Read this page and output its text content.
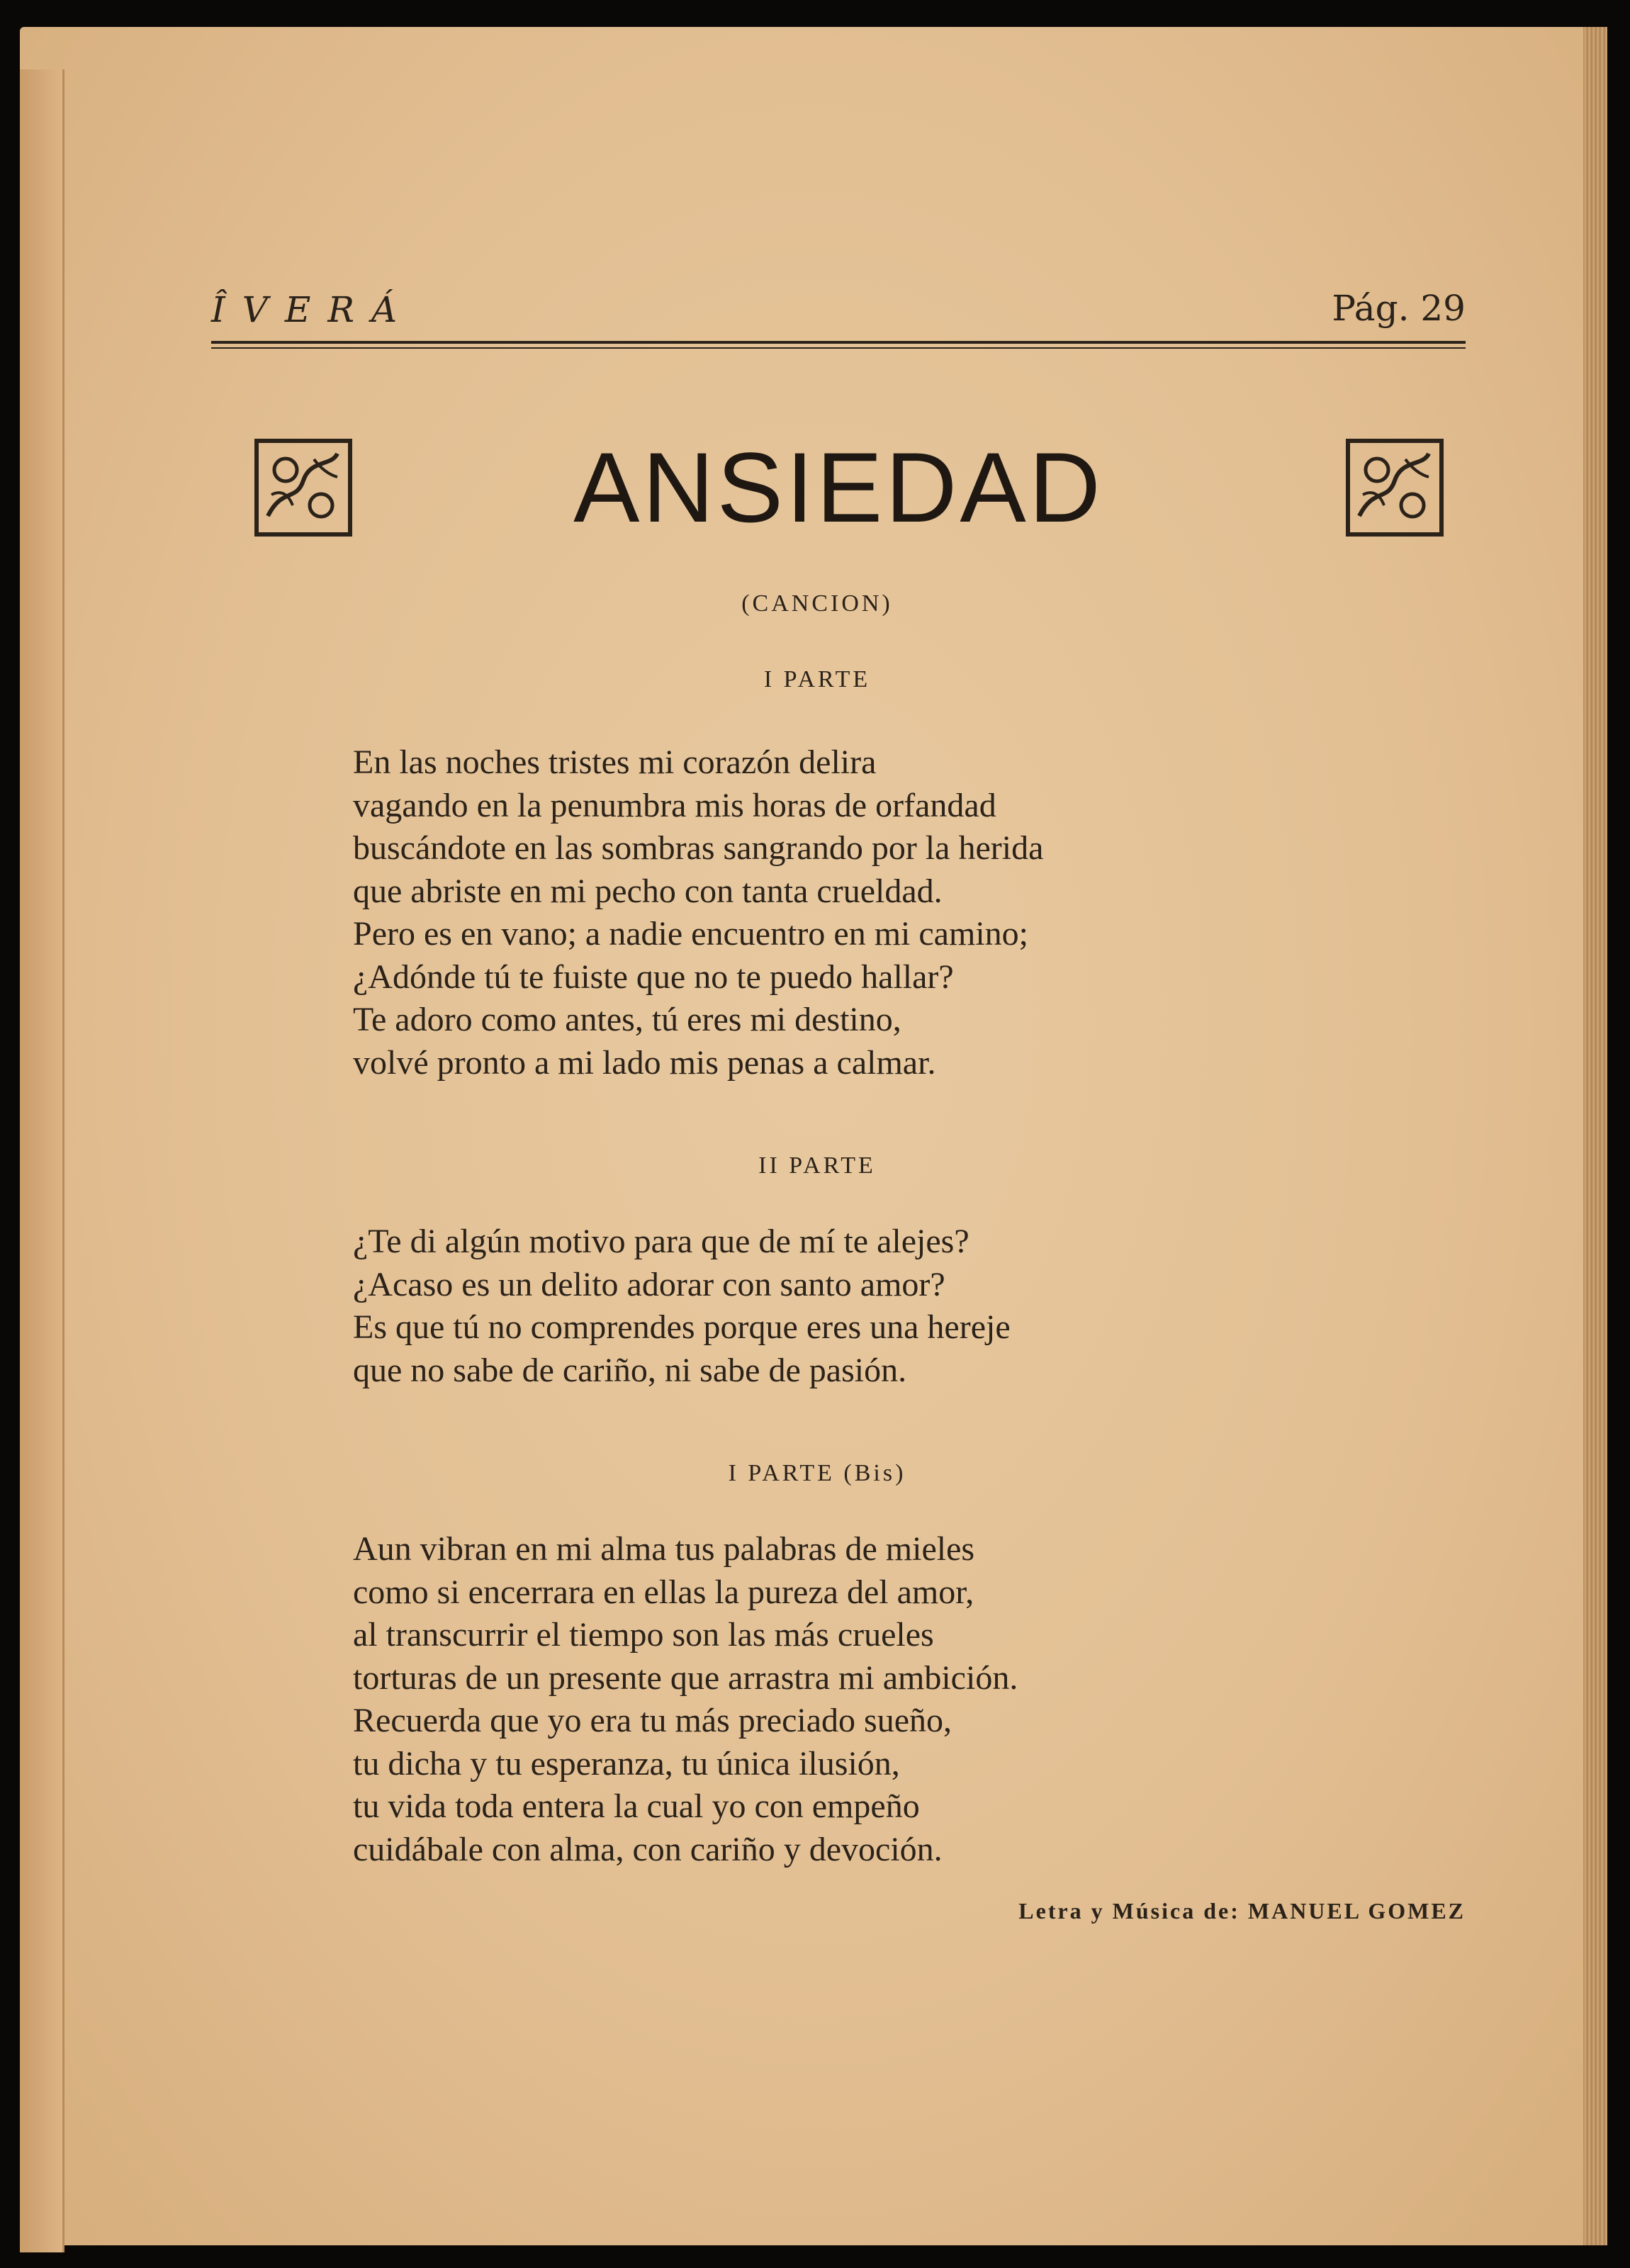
ÎVERÁ	Pág. 29
ANSIEDAD
(CANCION)
I PARTE
En las noches tristes mi corazón delira
vagando en la penumbra mis horas de orfandad
buscándote en las sombras sangrando por la herida
que abriste en mi pecho con tanta crueldad.
Pero es en vano; a nadie encuentro en mi camino;
¿Adónde tú te fuiste que no te puedo hallar?
Te adoro como antes, tú eres mi destino,
volvé pronto a mi lado mis penas a calmar.
II PARTE
¿Te di algún motivo para que de mí te alejes?
¿Acaso es un delito adorar con santo amor?
Es que tú no comprendes porque eres una hereje
que no sabe de cariño, ni sabe de pasión.
I PARTE (Bis)
Aun vibran en mi alma tus palabras de mieles
como si encerrara en ellas la pureza del amor,
al transcurrir el tiempo son las más crueles
torturas de un presente que arrastra mi ambición.
Recuerda que yo era tu más preciado sueño,
tu dicha y tu esperanza, tu única ilusión,
tu vida toda entera la cual yo con empeño
cuidábale con alma, con cariño y devoción.
Letra y Música de: MANUEL GOMEZ
